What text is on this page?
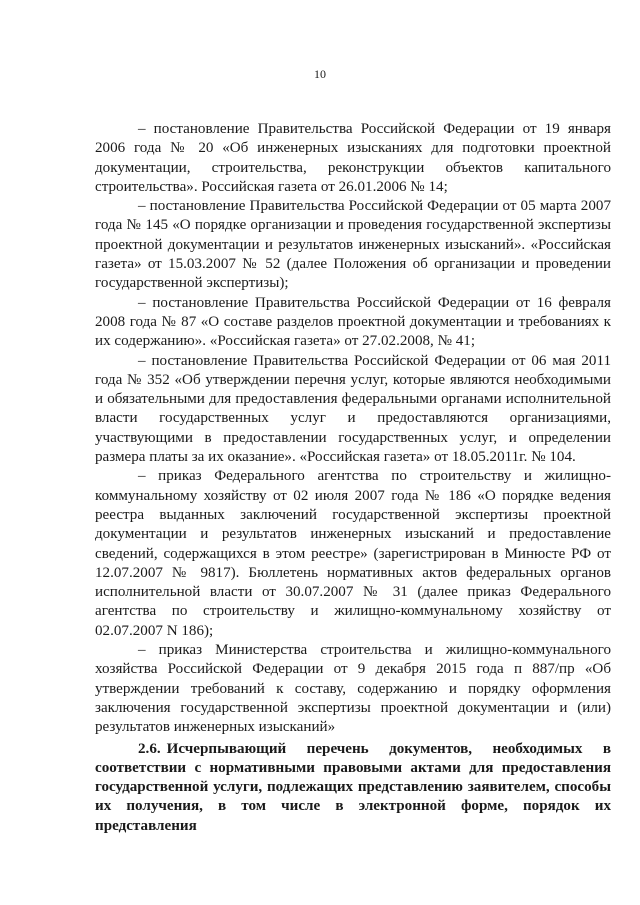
10

– постановление Правительства Российской Федерации от 19 января 2006 года № 20 «Об инженерных изысканиях для подготовки проектной документации, строительства, реконструкции объектов капитального строительства». Российская газета от 26.01.2006 № 14;

– постановление Правительства Российской Федерации от 05 марта 2007 года № 145 «О порядке организации и проведения государственной экспертизы проектной документации и результатов инженерных изысканий». «Российская газета» от 15.03.2007 № 52 (далее Положения об организации и проведении государственной экспертизы);

– постановление Правительства Российской Федерации от 16 февраля 2008 года № 87 «О составе разделов проектной документации и требованиях к их содержанию». «Российская газета» от 27.02.2008, № 41;

– постановление Правительства Российской Федерации от 06 мая 2011 года № 352 «Об утверждении перечня услуг, которые являются необходимыми и обязательными для предоставления федеральными органами исполнительной власти государственных услуг и предоставляются организациями, участвующими в предоставлении государственных услуг, и определении размера платы за их оказание». «Российская газета» от 18.05.2011г. № 104.

– приказ Федерального агентства по строительству и жилищно-коммунальному хозяйству от 02 июля 2007 года № 186 «О порядке ведения реестра выданных заключений государственной экспертизы проектной документации и результатов инженерных изысканий и предоставление сведений, содержащихся в этом реестре» (зарегистрирован в Минюсте РФ от 12.07.2007 № 9817). Бюллетень нормативных актов федеральных органов исполнительной власти от 30.07.2007 № 31 (далее приказ Федерального агентства по строительству и жилищно-коммунальному хозяйству от 02.07.2007 N 186);

– приказ Министерства строительства и жилищно-коммунального хозяйства Российской Федерации от 9 декабря 2015 года п 887/пр «Об утверждении требований к составу, содержанию и порядку оформления заключения государственной экспертизы проектной документации и (или) результатов инженерных изысканий»

2.6. Исчерпывающий перечень документов, необходимых в соответствии с нормативными правовыми актами для предоставления государственной услуги, подлежащих представлению заявителем, способы их получения, в том числе в электронной форме, порядок их представления
